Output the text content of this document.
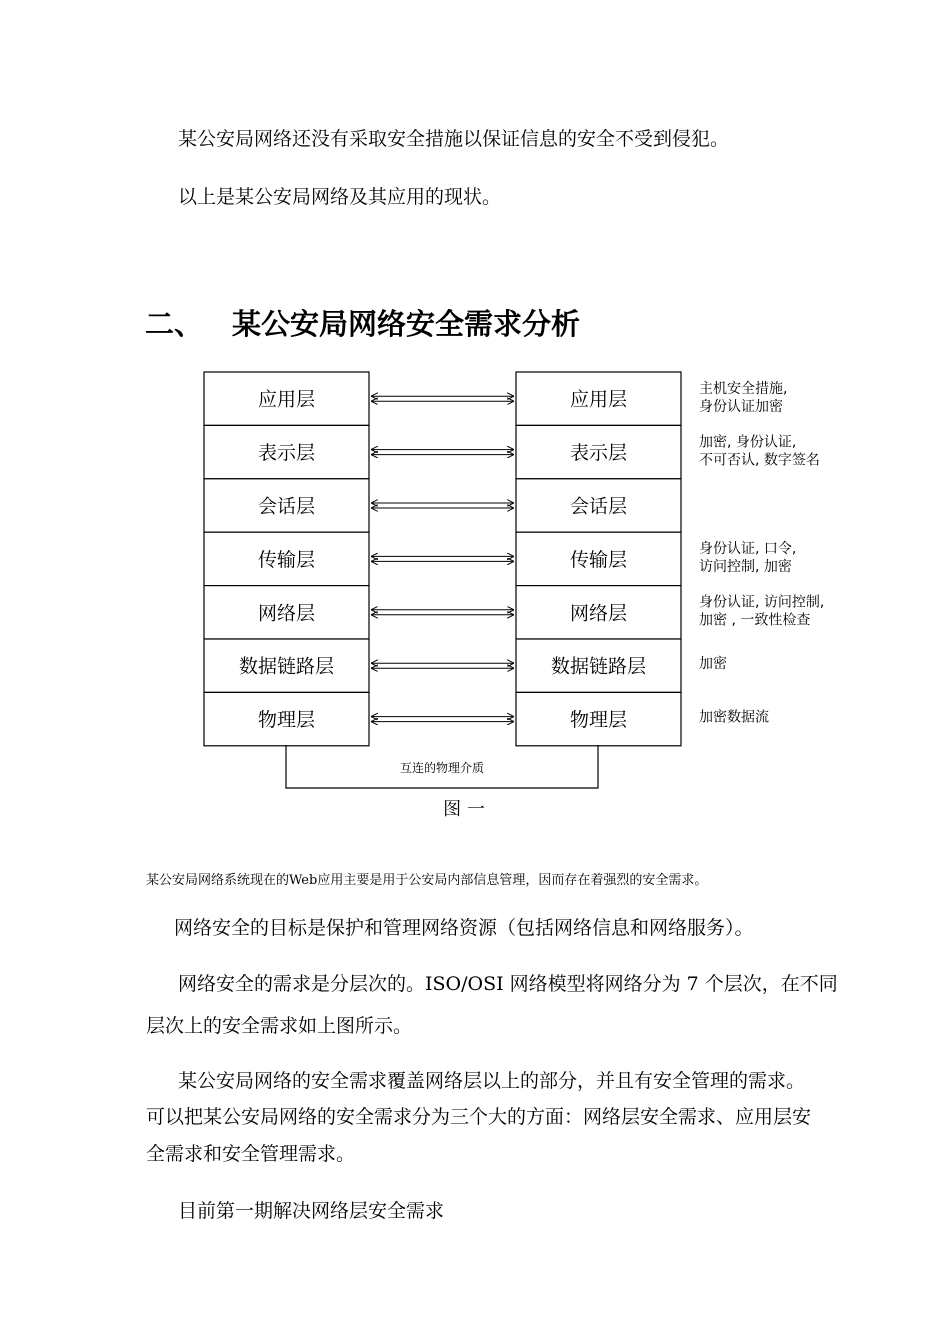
某公安局网络还没有采取安全措施以保证信息的安全不受到侵犯。
以上是某公安局网络及其应用的现状。
二、 某公安局网络安全需求分析
应用层
表示层
会话层
传输层
网络层
数据链路层
物理层
应用层
表示层
会话层
传输层
网络层
数据链路层
物理层
主机安全措施,
身份认证加密
加密, 身份认证,
不可否认, 数字签名
身份认证, 口令,
访问控制, 加密
身份认证, 访问控制,
加密 , 一致性检查
加密
加密数据流
互连的物理介质
图 一
某公安局网络系统现在的Web应用主要是用于公安局内部信息管理，因而存在着强烈的安全需求。
网络安全的目标是保护和管理网络资源（包括网络信息和网络服务）。
网络安全的需求是分层次的。ISO/OSI 网络模型将网络分为 7 个层次，在不同
层次上的安全需求如上图所示。
某公安局网络的安全需求覆盖网络层以上的部分，并且有安全管理的需求。
可以把某公安局网络的安全需求分为三个大的方面：网络层安全需求、应用层安
全需求和安全管理需求。
目前第一期解决网络层安全需求
